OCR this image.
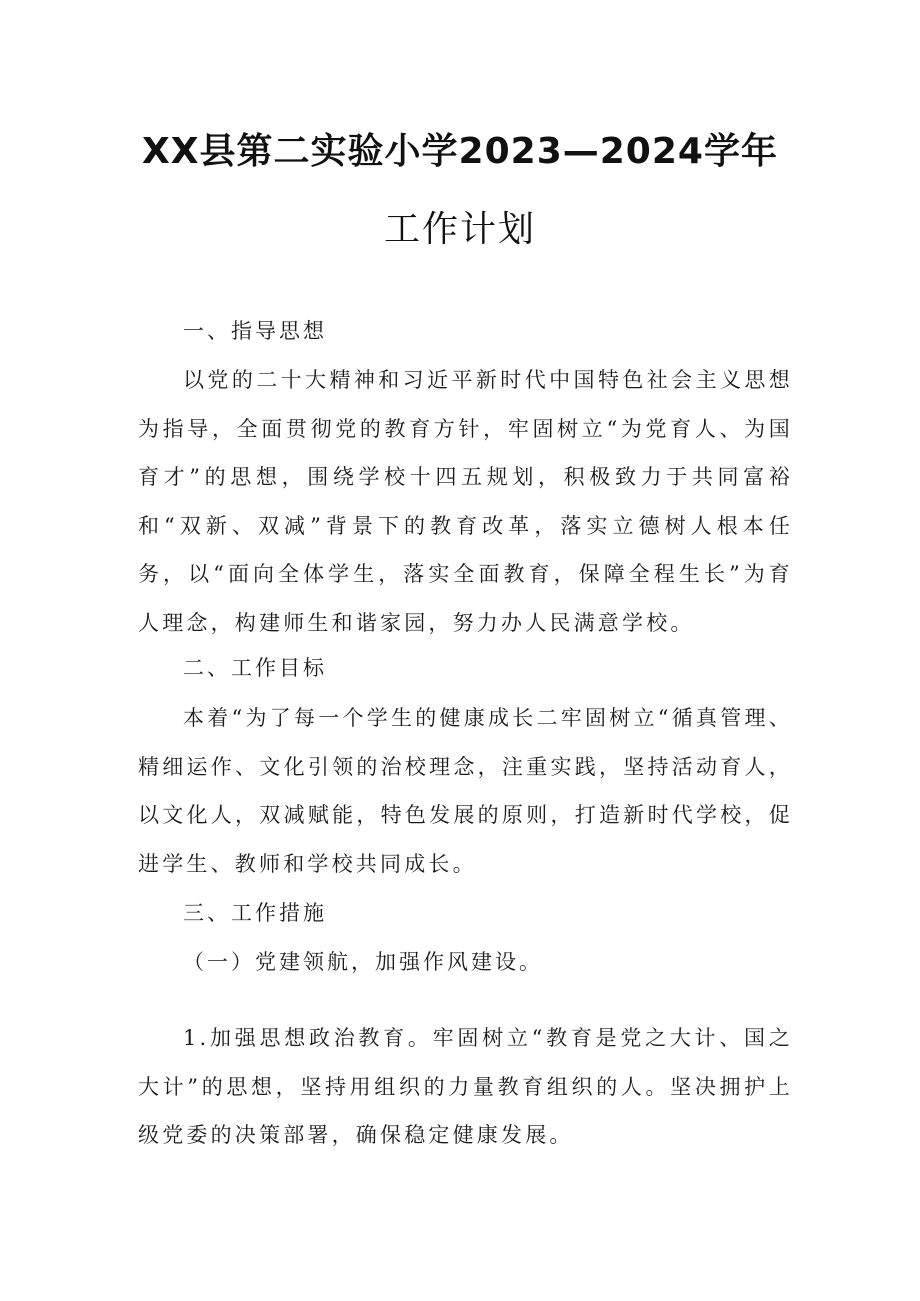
XX县第二实验小学2023—2024学年
工作计划

一、指导思想

以党的二十大精神和习近平新时代中国特色社会主义思想为指导，全面贯彻党的教育方针，牢固树立“为党育人、为国育才”的思想，围绕学校十四五规划，积极致力于共同富裕和“双新、双减”背景下的教育改革，落实立德树人根本任务，以“面向全体学生，落实全面教育，保障全程生长”为育人理念，构建师生和谐家园，努力办人民满意学校。

二、工作目标

本着“为了每一个学生的健康成长二牢固树立“循真管理、精细运作、文化引领的治校理念，注重实践，坚持活动育人，以文化人，双减赋能，特色发展的原则，打造新时代学校，促进学生、教师和学校共同成长。

三、工作措施

（一）党建领航，加强作风建设。

1.加强思想政治教育。牢固树立“教育是党之大计、国之大计”的思想，坚持用组织的力量教育组织的人。坚决拥护上级党委的决策部署，确保稳定健康发展。
